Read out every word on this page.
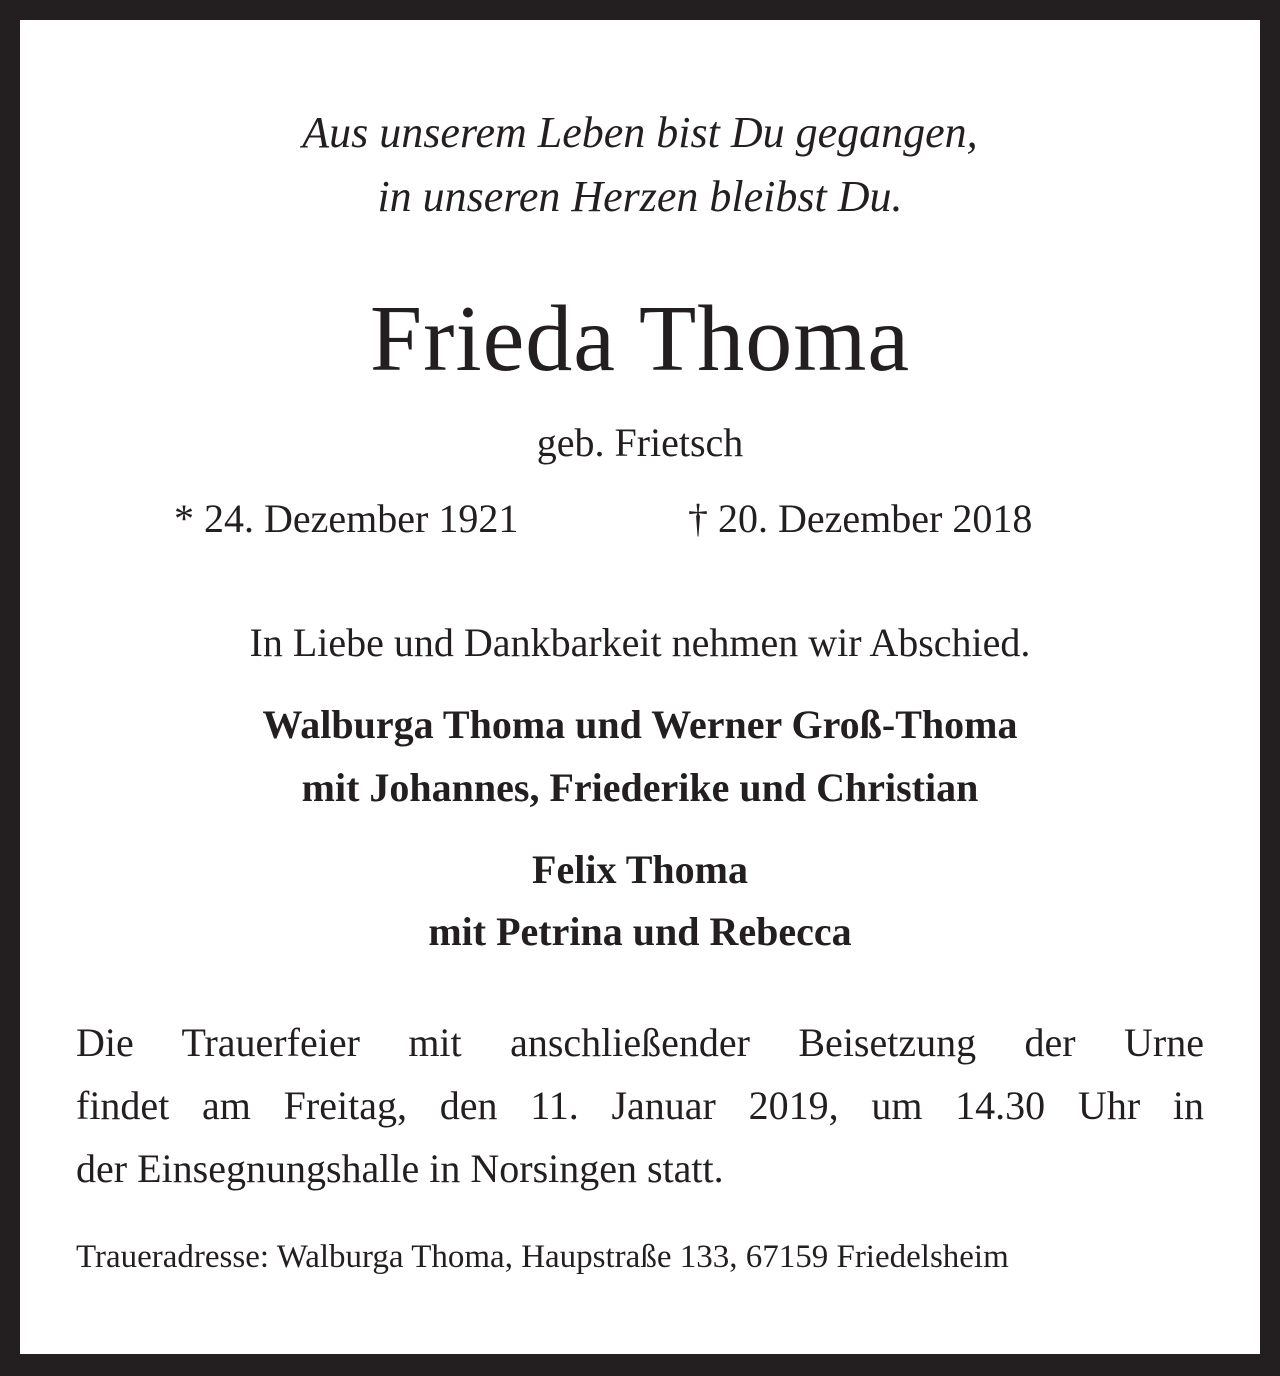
Aus unserem Leben bist Du gegangen,
in unseren Herzen bleibst Du.
Frieda Thoma
geb. Frietsch
* 24. Dezember 1921	† 20. Dezember 2018
In Liebe und Dankbarkeit nehmen wir Abschied.
Walburga Thoma und Werner Groß-Thoma
mit Johannes, Friederike und Christian
Felix Thoma
mit Petrina und Rebecca
Die Trauerfeier mit anschließender Beisetzung der Urne
findet am Freitag, den 11. Januar 2019, um 14.30 Uhr in
der Einsegnungshalle in Norsingen statt.
Traueradresse: Walburga Thoma, Haupstraße 133, 67159 Friedelsheim
